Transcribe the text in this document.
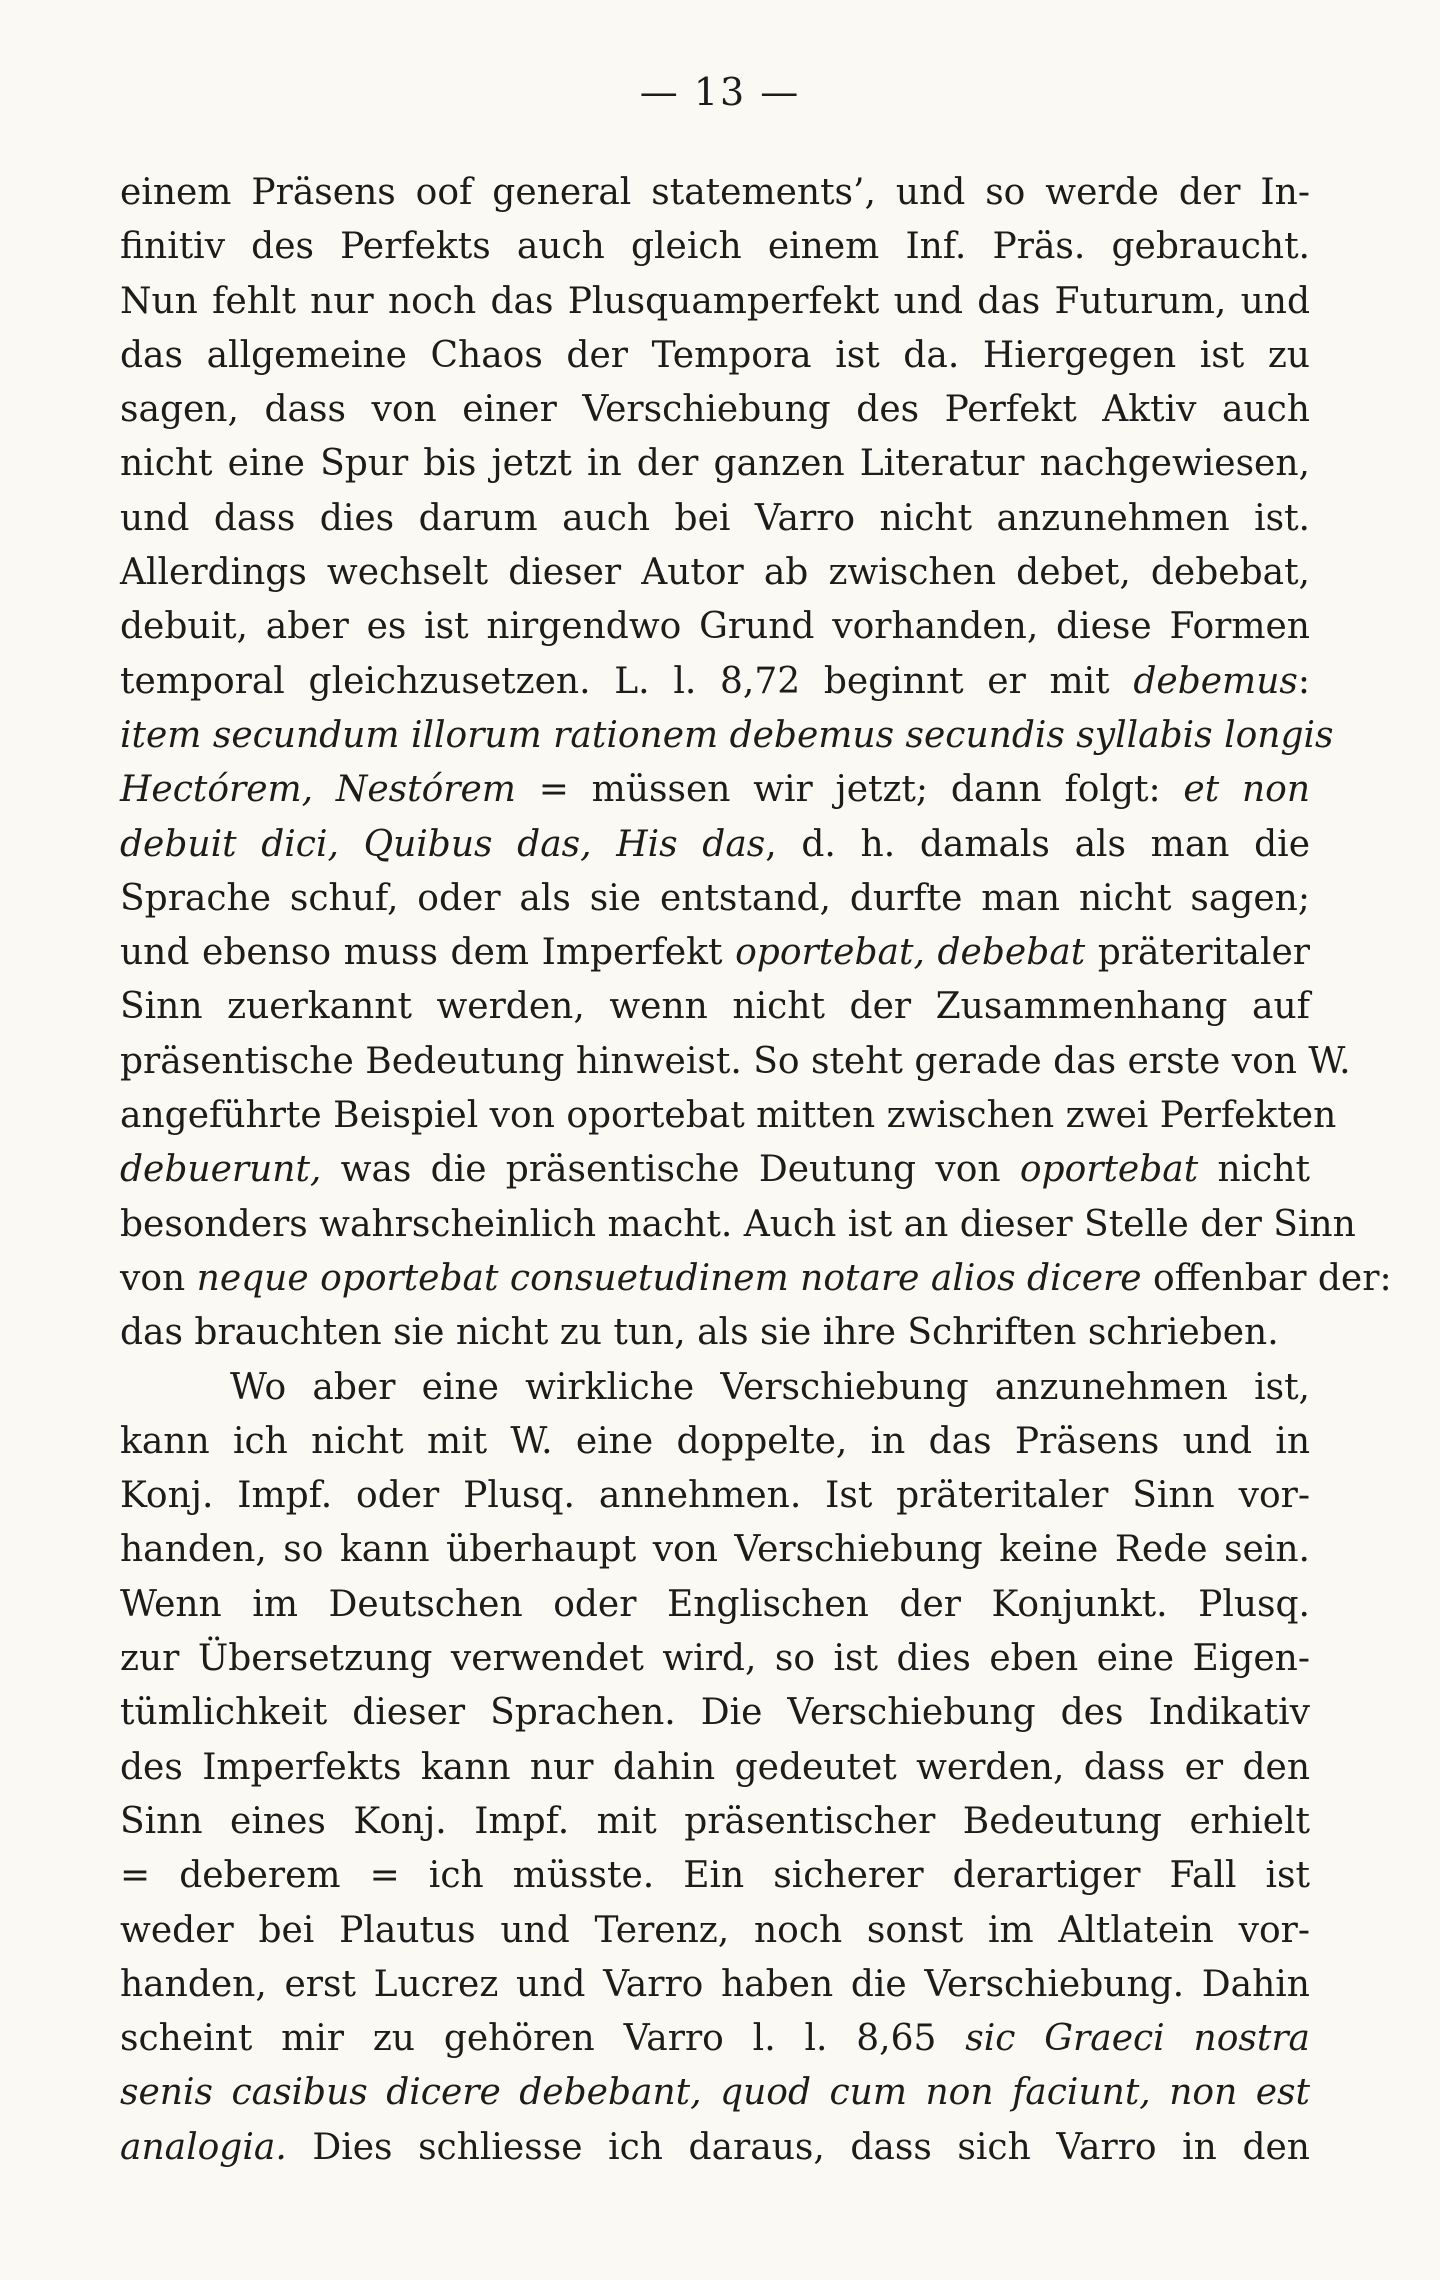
— 13 —
einem Präsens oof general statements’, und so werde der In-
finitiv des Perfekts auch gleich einem Inf. Präs. gebraucht.
Nun fehlt nur noch das Plusquamperfekt und das Futurum, und
das allgemeine Chaos der Tempora ist da. Hiergegen ist zu
sagen, dass von einer Verschiebung des Perfekt Aktiv auch
nicht eine Spur bis jetzt in der ganzen Literatur nachgewiesen,
und dass dies darum auch bei Varro nicht anzunehmen ist.
Allerdings wechselt dieser Autor ab zwischen debet, debebat,
debuit, aber es ist nirgendwo Grund vorhanden, diese Formen
temporal gleichzusetzen. L. l. 8,72 beginnt er mit debemus:
item secundum illorum rationem debemus secundis syllabis longis
Hectórem, Nestórem = müssen wir jetzt; dann folgt: et non
debuit dici, Quibus das, His das, d. h. damals als man die
Sprache schuf, oder als sie entstand, durfte man nicht sagen;
und ebenso muss dem Imperfekt oportebat, debebat präteritaler
Sinn zuerkannt werden, wenn nicht der Zusammenhang auf
präsentische Bedeutung hinweist. So steht gerade das erste von W.
angeführte Beispiel von oportebat mitten zwischen zwei Perfekten
debuerunt, was die präsentische Deutung von oportebat nicht
besonders wahrscheinlich macht. Auch ist an dieser Stelle der Sinn
von neque oportebat consuetudinem notare alios dicere offenbar der:
das brauchten sie nicht zu tun, als sie ihre Schriften schrieben.
Wo aber eine wirkliche Verschiebung anzunehmen ist,
kann ich nicht mit W. eine doppelte, in das Präsens und in
Konj. Impf. oder Plusq. annehmen. Ist präteritaler Sinn vor-
handen, so kann überhaupt von Verschiebung keine Rede sein.
Wenn im Deutschen oder Englischen der Konjunkt. Plusq.
zur Übersetzung verwendet wird, so ist dies eben eine Eigen-
tümlichkeit dieser Sprachen. Die Verschiebung des Indikativ
des Imperfekts kann nur dahin gedeutet werden, dass er den
Sinn eines Konj. Impf. mit präsentischer Bedeutung erhielt
= deberem = ich müsste. Ein sicherer derartiger Fall ist
weder bei Plautus und Terenz, noch sonst im Altlatein vor-
handen, erst Lucrez und Varro haben die Verschiebung. Dahin
scheint mir zu gehören Varro l. l. 8,65 sic Graeci nostra
senis casibus dicere debebant, quod cum non faciunt, non est
analogia. Dies schliesse ich daraus, dass sich Varro in den
